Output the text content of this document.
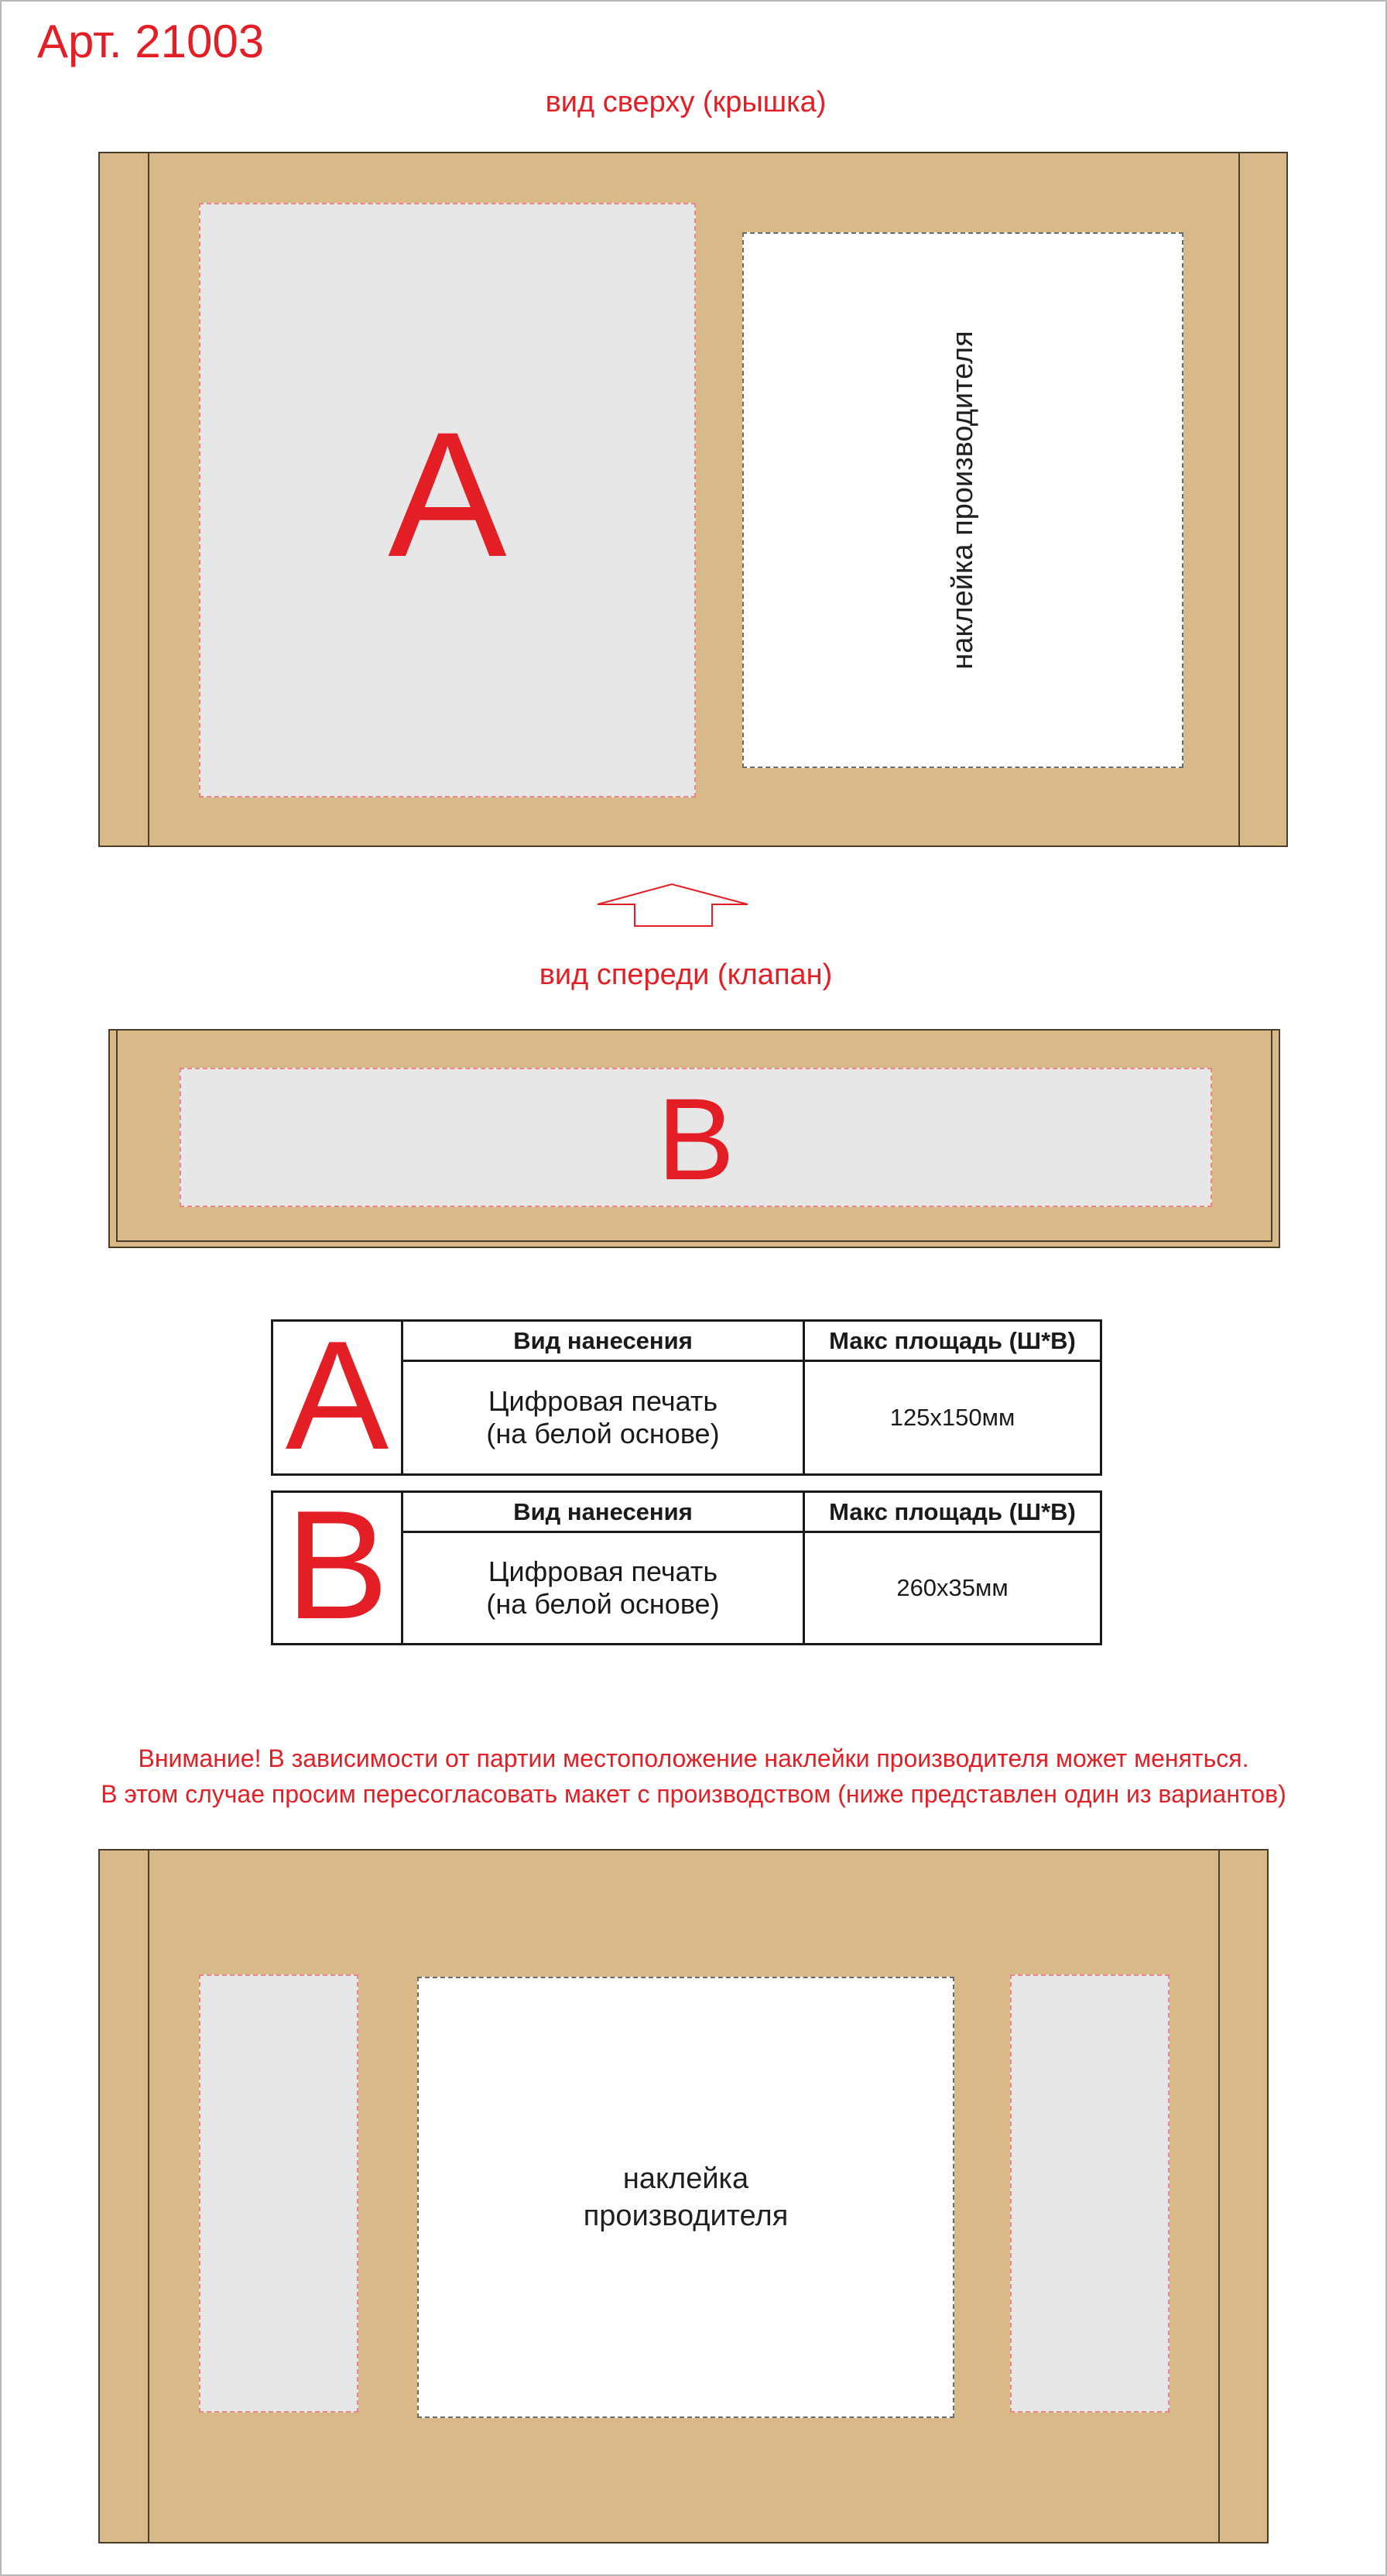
Арт. 21003
вид сверху (крышка)
A	наклейка производителя
вид спереди (клапан)
B
A	Вид нанесения	Макс площадь (Ш*В)
Цифровая печать
(на белой основе)
125х150мм
B	Вид нанесения	Макс площадь (Ш*В)
Цифровая печать
(на белой основе)
260х35мм
Внимание! В зависимости от партии местоположение наклейки производителя может меняться.
В этом случае просим пересогласовать макет с производством (ниже представлен один из вариантов)
наклейка
производителя
